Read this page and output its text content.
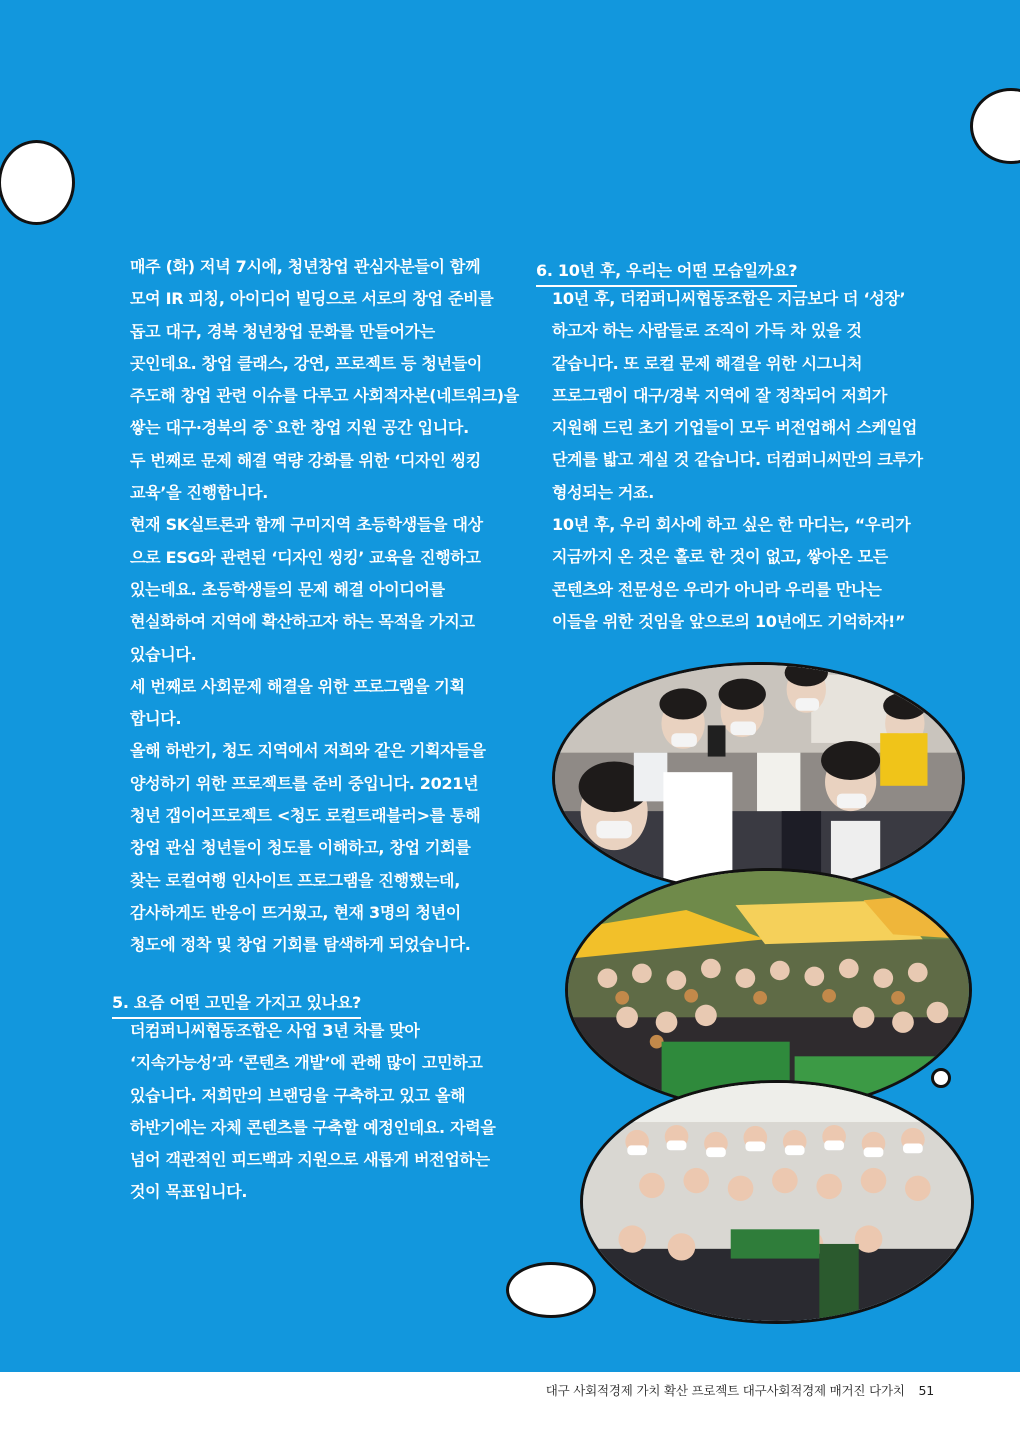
매주 (화) 저녁 7시에, 청년창업 관심자분들이 함께

모여 IR 피칭, 아이디어 빌딩으로 서로의 창업 준비를

돕고 대구, 경북 청년창업 문화를 만들어가는

곳인데요. 창업 클래스, 강연, 프로젝트 등 청년들이

주도해 창업 관련 이슈를 다루고 사회적자본(네트워크)을

쌓는 대구·경북의 중`요한 창업 지원 공간 입니다.

두 번째로 문제 해결 역량 강화를 위한 ‘디자인 씽킹

교육’을 진행합니다.

현재 SK실트론과 함께 구미지역 초등학생들을 대상

으로 ESG와 관련된 ‘디자인 씽킹’ 교육을 진행하고

있는데요. 초등학생들의 문제 해결 아이디어를

현실화하여 지역에 확산하고자 하는 목적을 가지고

있습니다.

세 번째로 사회문제 해결을 위한 프로그램을 기획

합니다.

올해 하반기, 청도 지역에서 저희와 같은 기획자들을

양성하기 위한 프로젝트를 준비 중입니다. 2021년

청년 갭이어프로젝트 <청도 로컬트래블러>를 통해

창업 관심 청년들이 청도를 이해하고, 창업 기회를

찾는 로컬여행 인사이트 프로그램을 진행했는데,

감사하게도 반응이 뜨거웠고, 현재 3명의 청년이

청도에 정착 및 창업 기회를 탐색하게 되었습니다.

5. 요즘 어떤 고민을 가지고 있나요?

더컴퍼니씨협동조합은 사업 3년 차를 맞아

‘지속가능성’과 ‘콘텐츠 개발’에 관해 많이 고민하고

있습니다. 저희만의 브랜딩을 구축하고 있고 올해

하반기에는 자체 콘텐츠를 구축할 예정인데요. 자력을

넘어 객관적인 피드백과 지원으로 새롭게 버전업하는

것이 목표입니다.

6. 10년 후, 우리는 어떤 모습일까요?

10년 후, 더컴퍼니씨협동조합은 지금보다 더 ‘성장’

하고자 하는 사람들로 조직이 가득 차 있을 것

같습니다. 또 로컬 문제 해결을 위한 시그니처

프로그램이 대구/경북 지역에 잘 정착되어 저희가

지원해 드린 초기 기업들이 모두 버전업해서 스케일업

단계를 밟고 계실 것 같습니다. 더컴퍼니씨만의 크루가

형성되는 거죠.

10년 후, 우리 회사에 하고 싶은 한 마디는, “우리가

지금까지 온 것은 홀로 한 것이 없고, 쌓아온 모든

콘텐츠와 전문성은 우리가 아니라 우리를 만나는

이들을 위한 것임을 앞으로의 10년에도 기억하자!”

대구 사회적경제 가치 확산 프로젝트 대구사회적경제 매거진 다가치 51
